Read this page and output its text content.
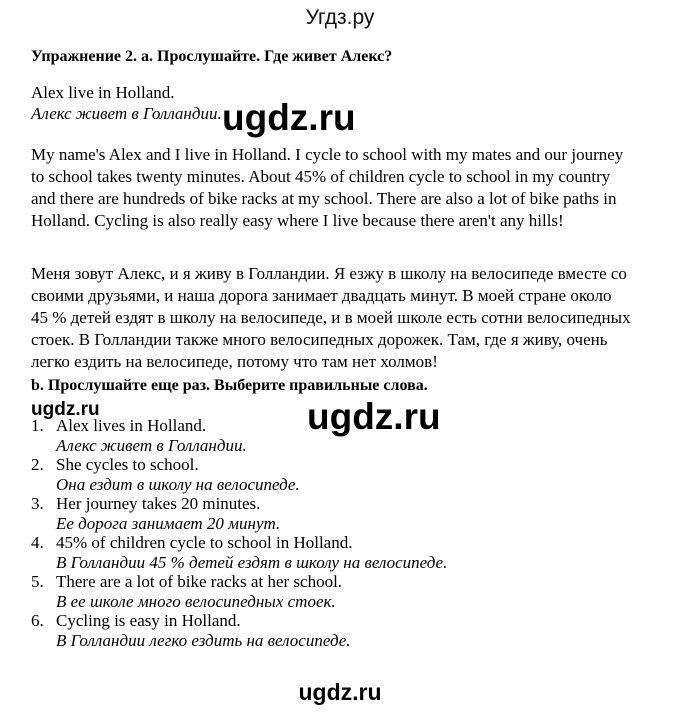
Угдз.ру
Упражнение 2. a. Прослушайте. Где живет Алекс?
Alex live in Holland.
Алекс живет в Голландии.

My name's Alex and I live in Holland. I cycle to school with my mates and our journey to school takes twenty minutes. About 45% of children cycle to school in my country and there are hundreds of bike racks at my school. There are also a lot of bike paths in Holland. Cycling is also really easy where I live because there aren't any hills!

Меня зовут Алекс, и я живу в Голландии. Я езжу в школу на велосипеде вместе со своими друзьями, и наша дорога занимает двадцать минут. В моей стране около 45 % детей ездят в школу на велосипеде, и в моей школе есть сотни велосипедных стоек. В Голландии также много велосипедных дорожек. Там, где я живу, очень легко ездить на велосипеде, потому что там нет холмов!

b. Прослушайте еще раз. Выберите правильные слова.
1. Alex lives in Holland.
Алекс живет в Голландии.
2. She cycles to school.
Она ездит в школу на велосипеде.
3. Her journey takes 20 minutes.
Ее дорога занимает 20 минут.
4. 45% of children cycle to school in Holland.
В Голландии 45 % детей ездят в школу на велосипеде.
5. There are a lot of bike racks at her school.
В ее школе много велосипедных стоек.
6. Cycling is easy in Holland.
В Голландии легко ездить на велосипеде.
ugdz.ru
ugdz.ru
ugdz.ru
ugdz.ru
